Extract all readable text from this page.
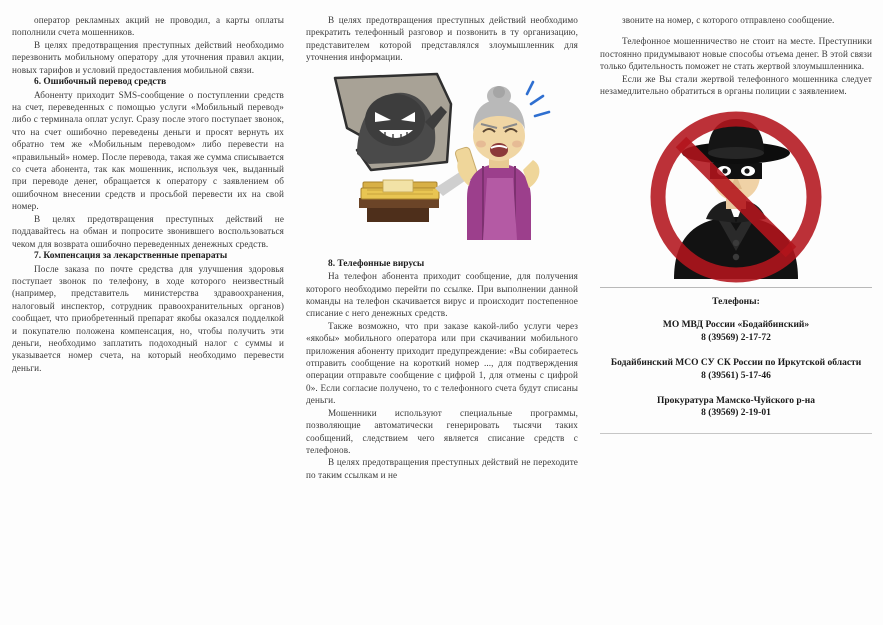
оператор рекламных акций не проводил, а карты оплаты пополнили счета мошенников.

В целях предотвращения преступных действий необходимо перезвонить мобильному оператору ,для уточнения правил акции, новых тарифов и условий предоставления мобильной связи.

6. Ошибочный перевод средств

Абоненту приходит SMS-сообщение о поступлении средств на счет, переведенных с помощью услуги «Мобильный перевод» либо с терминала оплат услуг. Сразу после этого поступает звонок, что на счет ошибочно переведены деньги и просят вернуть их обратно тем же «Мобильным переводом» либо перевести на «правильный» номер. После перевода, такая же сумма списывается со счета абонента, так как мошенник, используя чек, выданный при переводе денег, обращается к оператору с заявлением об ошибочном внесении средств и просьбой перевести их на свой номер.

В целях предотвращения преступных действий не поддавайтесь на обман и попросите звонившего воспользоваться чеком для возврата ошибочно переведенных денежных средств.

7. Компенсация за лекарственные препараты

После заказа по почте средства для улучшения здоровья поступает звонок по телефону, в ходе которого неизвестный (например, представитель министерства здравоохранения, налоговый инспектор, сотрудник правоохранительных органов) сообщает, что приобретенный препарат якобы оказался подделкой и покупателю положена компенсация, но, чтобы получить эти деньги, необходимо заплатить подоходный налог с суммы и указывается номер счета, на который необходимо перевести деньги.

В целях предотвращения преступных действий необходимо прекратить телефонный разговор и позвонить в ту организацию, представителем которой представлялся злоумышленник для уточнения информации.

8. Телефонные вирусы

На телефон абонента приходит сообщение, для получения которого необходимо перейти по ссылке. При выполнении данной команды на телефон скачивается вирус и происходит постепенное списание с него денежных средств.

Также возможно, что при заказе какой-либо услуги через «якобы» мобильного оператора или при скачивании мобильного приложения абоненту приходит предупреждение: «Вы собираетесь отправить сообщение на короткий номер ..., для подтверждения операции отправьте сообщение с цифрой 1, для отмены с цифрой 0». Если согласие получено, то с телефонного счета будут списаны деньги.

Мошенники используют специальные программы, позволяющие автоматически генерировать тысячи таких сообщений, следствием чего является списание средств с телефонов.

В целях предотвращения преступных действий не переходите по таким ссылкам и не

звоните на номер, с которого отправлено сообщение.

Телефонное мошенничество не стоит на месте. Преступники постоянно придумывают новые способы отъема денег. В этой связи только бдительность поможет не стать жертвой злоумышленника.

Если же Вы стали жертвой телефонного мошенника следует незамедлительно обратиться в органы полиции с заявлением.

Телефоны:
МО МВД России «Бодайбинский»
8 (39569) 2-17-72
Бодайбинский МСО СУ СК России по Иркутской области
8 (39561) 5-17-46
Прокуратура Мамско-Чуйского р-на
8 (39569) 2-19-01
